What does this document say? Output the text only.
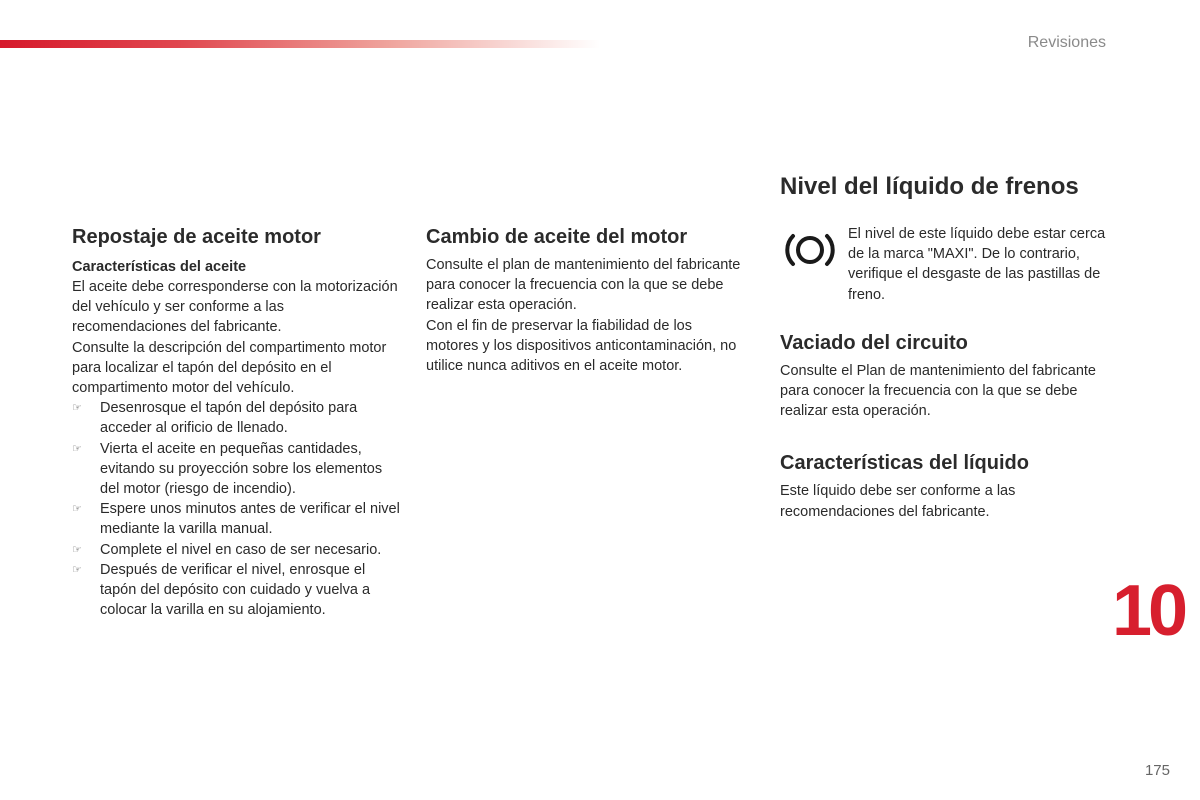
Revisiones
Repostaje de aceite motor
Características del aceite

El aceite debe corresponderse con la motorización del vehículo y ser conforme a las recomendaciones del fabricante.

Consulte la descripción del compartimento motor para localizar el tapón del depósito en el compartimento motor del vehículo.

☞	Desenrosque el tapón del depósito para acceder al orificio de llenado.
☞	Vierta el aceite en pequeñas cantidades, evitando su proyección sobre los elementos del motor (riesgo de incendio).
☞	Espere unos minutos antes de verificar el nivel mediante la varilla manual.
☞	Complete el nivel en caso de ser necesario.
☞	Después de verificar el nivel, enrosque el tapón del depósito con cuidado y vuelva a colocar la varilla en su alojamiento.
Cambio de aceite del motor

Consulte el plan de mantenimiento del fabricante para conocer la frecuencia con la que se debe realizar esta operación.

Con el fin de preservar la fiabilidad de los motores y los dispositivos anticontaminación, no utilice nunca aditivos en el aceite motor.

Nivel del líquido de frenos

El nivel de este líquido debe estar cerca de la marca "MAXI". De lo contrario, verifique el desgaste de las pastillas de freno.

Vaciado del circuito

Consulte el Plan de mantenimiento del fabricante para conocer la frecuencia con la que se debe realizar esta operación.

Características del líquido

Este líquido debe ser conforme a las recomendaciones del fabricante.

10
175
